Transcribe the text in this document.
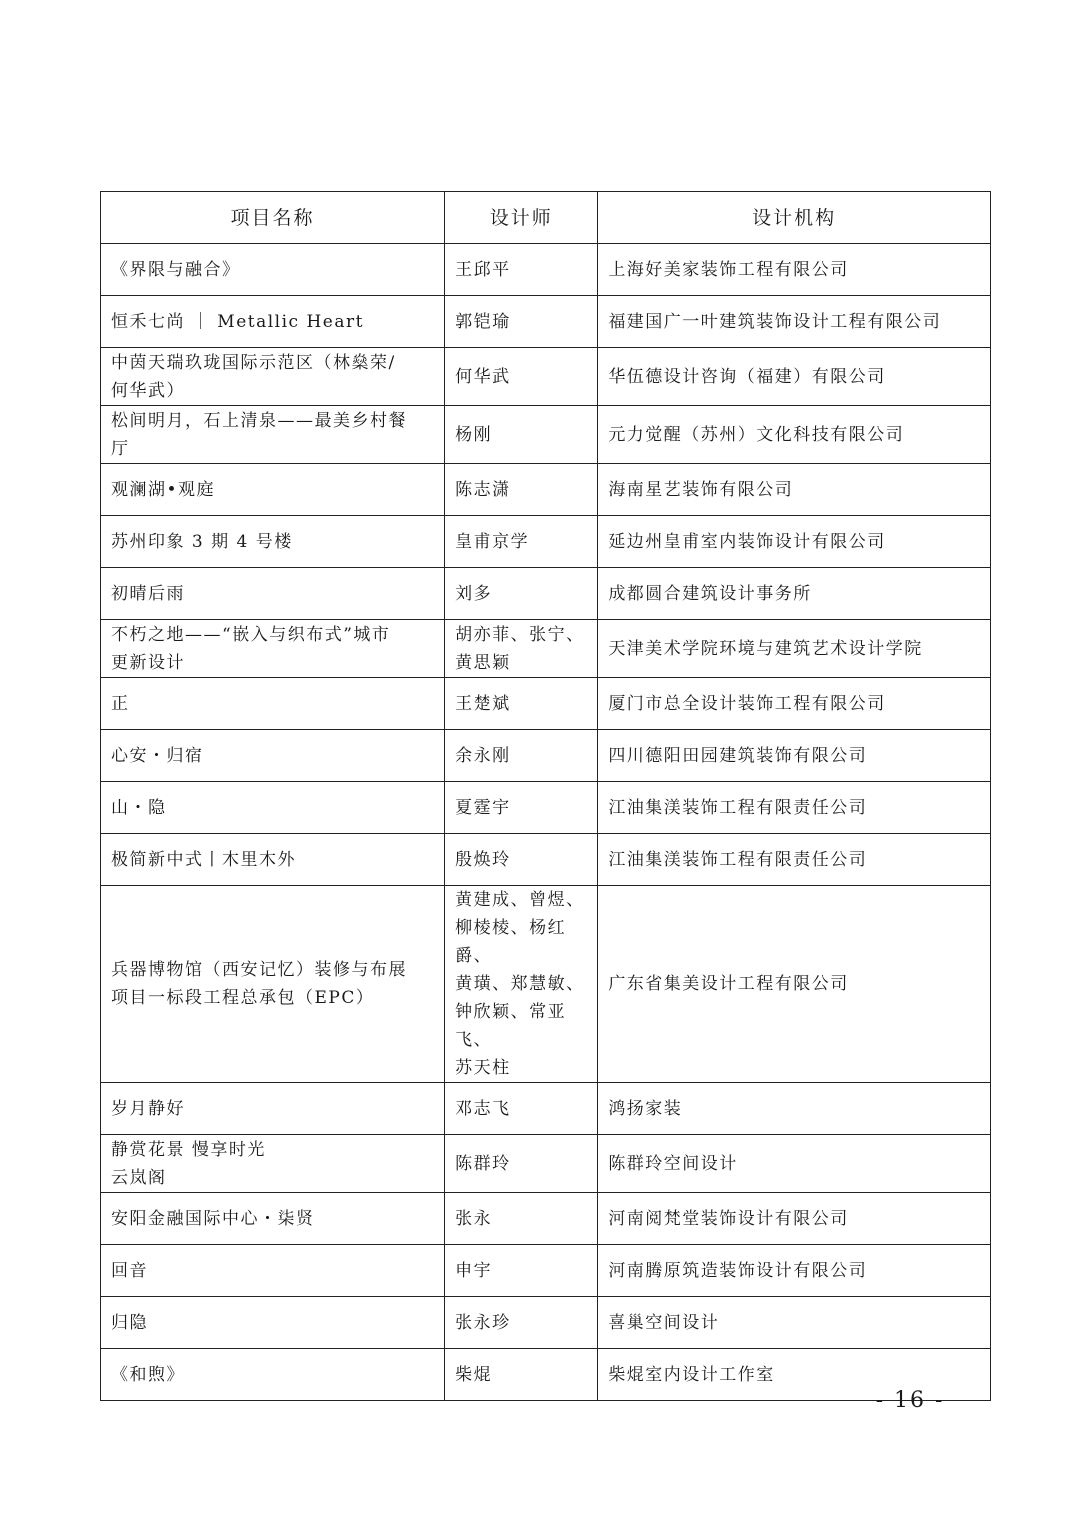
项目名称	设计师	设计机构

《界限与融合》	王邱平	上海好美家装饰工程有限公司

恒禾七尚 ｜ Metallic Heart	郭铠瑜	福建国广一叶建筑装饰设计工程有限公司

中茵天瑞玖珑国际示范区（林燊荣/
何华武）	何华武	华伍德设计咨询（福建）有限公司

松间明月，石上清泉——最美乡村餐
厅	杨刚	元力觉醒（苏州）文化科技有限公司

观澜湖•观庭	陈志潇	海南星艺装饰有限公司

苏州印象 3 期 4 号楼	皇甫京学	延边州皇甫室内装饰设计有限公司

初晴后雨	刘多	成都圆合建筑设计事务所

不朽之地——“嵌入与织布式”城市
更新设计	胡亦菲、张宁、
黄思颖	天津美术学院环境与建筑艺术设计学院

正	王楚斌	厦门市总全设计装饰工程有限公司

心安・归宿	余永刚	四川德阳田园建筑装饰有限公司

山・隐	夏霆宇	江油集渼装饰工程有限责任公司

极简新中式丨木里木外	殷焕玲	江油集渼装饰工程有限责任公司

兵器博物馆（西安记忆）装修与布展
项目一标段工程总承包（EPC）	黄建成、曾煜、
柳棱棱、杨红爵、
黄璜、郑慧敏、
钟欣颖、常亚飞、
苏天柱	广东省集美设计工程有限公司

岁月静好	邓志飞	鸿扬家装

静赏花景 慢享时光
云岚阁	陈群玲	陈群玲空间设计

安阳金融国际中心・柒贤	张永	河南阅梵堂装饰设计有限公司

回音	申宇	河南腾原筑造装饰设计有限公司

归隐	张永珍	喜巢空间设计

《和煦》	柴焜	柴焜室内设计工作室
- 16 -
